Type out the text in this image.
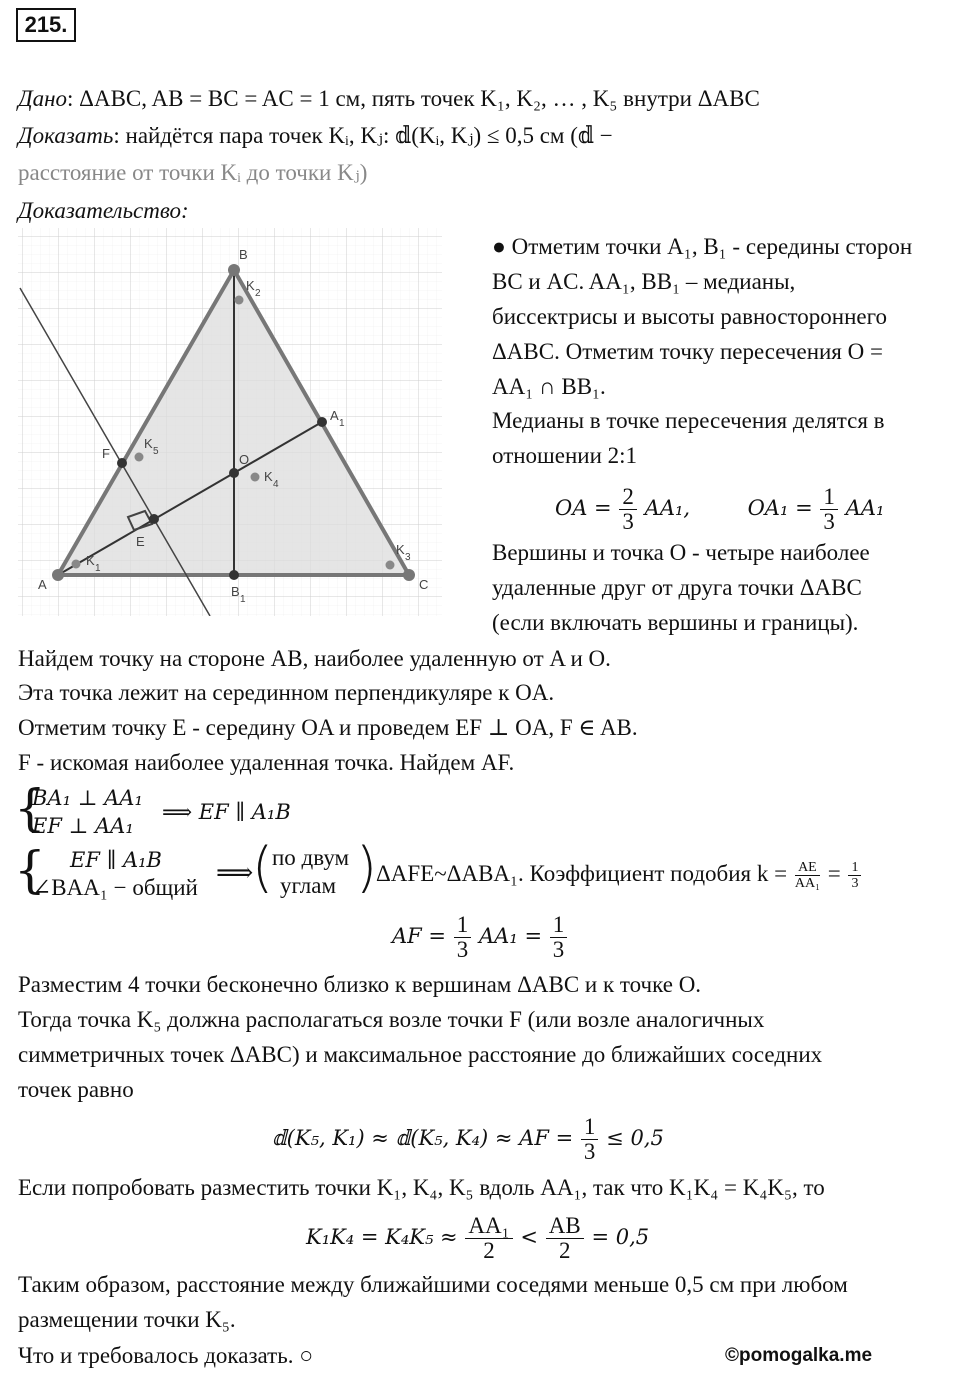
215.
Дано: ΔABC, AB = BC = AC = 1 см, пять точек K₁, K₂, … , K₅ внутри ΔABC
Доказать: найдётся пара точек Kᵢ, Kⱼ: 𝕕(Kᵢ, Kⱼ) ≤ 0,5 см (𝕕 −
расстояние от точки Kᵢ до точки Kⱼ)
Доказательство:
A
B
C
A
1
B
1
O
E
F
K
1
K
2
K
3
K
4
K
5
● Отметим точки A₁, B₁ - середины сторон
BC и AC. AA₁, BB₁ – медианы,
биссектрисы и высоты равностороннего
ΔABC. Отметим точку пересечения O =
AA₁ ∩ BB₁.
Медианы в точке пересечения делятся в
отношении 2:1
OA = $\frac{2}{3} AA_1$,	$OA_1 = \frac{1}{3} AA_1$
Вершины и точка O - четыре наиболее
удаленные друг от друга точки ΔABC
(если включать вершины и границы).
Найдем точку на стороне AB, наиболее удаленную от A и O.
Эта точка лежит на серединном перпендикуляре к OA.
Отметим точку E - середину OA и проведем EF ⊥ OA, F ∈ AB.
F - искомая наиболее удаленная точка. Найдем AF.
{
BA₁ ⊥ AA₁
EF ⊥ AA₁
⟹ EF ∥ A₁B
{ EF ∥ A₁B
∠BAA₁ − общий
⟹
(
по двум
углам )
ΔAFE~ΔABA₁. Коэффициент подобия $k = \frac{AE}{\text{AA₁}} = \frac{1}{3}$
AF = $\frac{1}{3} AA_1 = \frac{1}{3}$
Разместим 4 точки бесконечно близко к вершинам ΔABC и к точке O.
Тогда точка K₅ должна располагаться возле точки F (или возле аналогичных
симметричных точек ΔABC) и максимальное расстояние до ближайших соседних
точек равно
𝕕(K₅, K₁) ≈ 𝕕(K₅, K₄) ≈ AF = $\frac{1}{3} \le 0,5$
Если попробовать разместить точки K₁, K₄, K₅ вдоль AA₁, так что K₁K₄ = K₄K₅, то
$K_1K_4 = K_4K_5 \approx \frac{\text{AA₁}}{2} < \frac{AB}{2} = 0,5$
Таким образом, расстояние между ближайшими соседями меньше 0,5 см при любом
размещении точки K₅.
Что и требовалось доказать. ○	©pomogalka.me
